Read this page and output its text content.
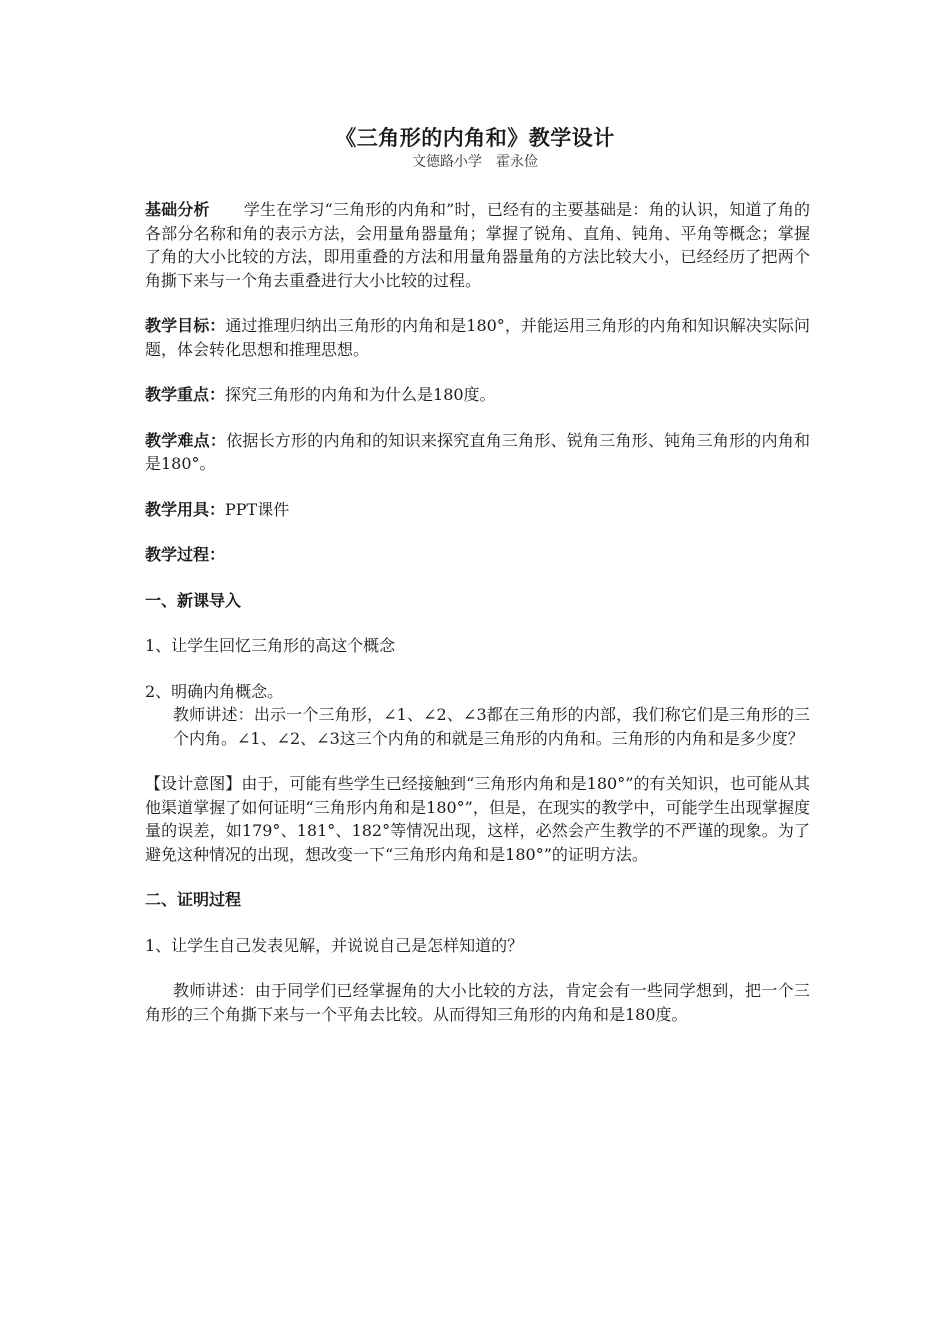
《三角形的内角和》教学设计
文德路小学　霍永俭

基础分析 学生在学习“三角形的内角和”时，已经有的主要基础是：角的认识，知道了角的各部分名称和角的表示方法，会用量角器量角；掌握了锐角、直角、钝角、平角等概念；掌握了角的大小比较的方法，即用重叠的方法和用量角器量角的方法比较大小，已经经历了把两个角撕下来与一个角去重叠进行大小比较的过程。

教学目标：通过推理归纳出三角形的内角和是180°，并能运用三角形的内角和知识解决实际问题，体会转化思想和推理思想。

教学重点：探究三角形的内角和为什么是180度。

教学难点：依据长方形的内角和的知识来探究直角三角形、锐角三角形、钝角三角形的内角和是180°。

教学用具：PPT课件

教学过程：

一、新课导入

1、让学生回忆三角形的高这个概念

2、明确内角概念。

教师讲述：出示一个三角形，∠1、∠2、∠3都在三角形的内部，我们称它们是三角形的三个内角。∠1、∠2、∠3这三个内角的和就是三角形的内角和。三角形的内角和是多少度？

【设计意图】由于，可能有些学生已经接触到“三角形内角和是180°”的有关知识，也可能从其他渠道掌握了如何证明“三角形内角和是180°”，但是，在现实的教学中，可能学生出现掌握度量的误差，如179°、181°、182°等情况出现，这样，必然会产生教学的不严谨的现象。为了避免这种情况的出现，想改变一下“三角形内角和是180°”的证明方法。

二、证明过程

1、让学生自己发表见解，并说说自己是怎样知道的？

教师讲述：由于同学们已经掌握角的大小比较的方法，肯定会有一些同学想到，把一个三角形的三个角撕下来与一个平角去比较。从而得知三角形的内角和是180度。
